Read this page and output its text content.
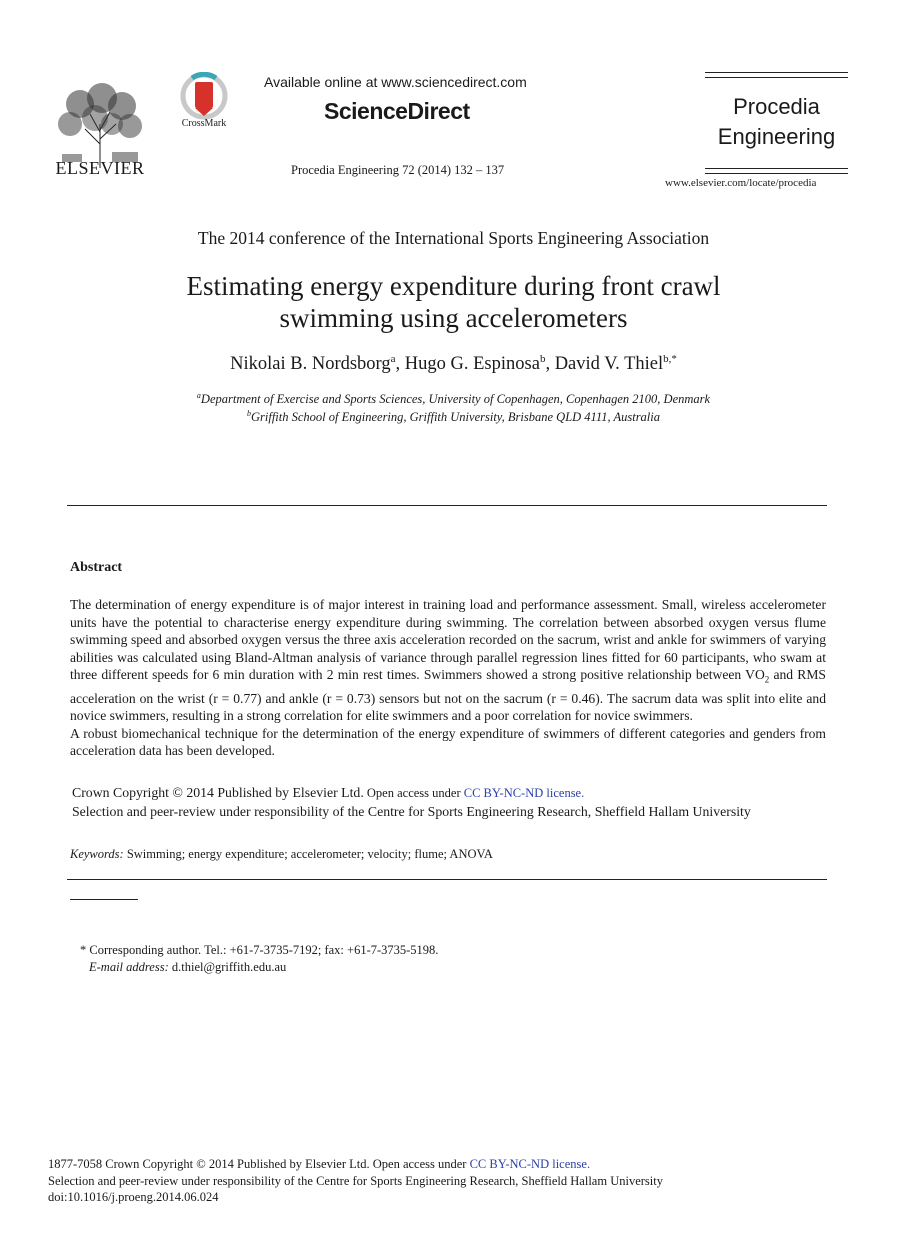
ELSEVIER
CrossMark
Available online at www.sciencedirect.com
ScienceDirect
Procedia Engineering 72 (2014) 132 – 137
Procedia
Engineering
www.elsevier.com/locate/procedia
The 2014 conference of the International Sports Engineering Association
Estimating energy expenditure during front crawl
swimming using accelerometers
Nikolai B. Nordsborg$^a$, Hugo G. Espinosa$^b$, David V. Thiel$^{b,*}$
$^a$Department of Exercise and Sports Sciences, University of Copenhagen, Copenhagen 2100, Denmark
$^b$Griffith School of Engineering, Griffith University, Brisbane QLD 4111, Australia
Abstract

The determination of energy expenditure is of major interest in training load and performance assessment. Small, wireless accelerometer units have the potential to characterise energy expenditure during swimming. The correlation between absorbed oxygen versus flume swimming speed and absorbed oxygen versus the three axis acceleration recorded on the sacrum, wrist and ankle for swimmers of varying abilities was calculated using Bland-Altman analysis of variance through parallel regression lines fitted for 60 participants, who swam at three different speeds for 6 min duration with 2 min rest times. Swimmers showed a strong positive relationship between $VO_2$ and RMS acceleration on the wrist (r = 0.77) and ankle (r = 0.73) sensors but not on the sacrum (r = 0.46). The sacrum data was split into elite and novice swimmers, resulting in a strong correlation for elite swimmers and a poor correlation for novice swimmers.

A robust biomechanical technique for the determination of the energy expenditure of swimmers of different categories and genders from acceleration data has been developed.

Crown Copyright © 2014 Published by Elsevier Ltd. Open access under CC BY-NC-ND license.
Selection and peer-review under responsibility of the Centre for Sports Engineering Research, Sheffield Hallam University
Keywords: Swimming; energy expenditure; accelerometer; velocity; flume; ANOVA
* Corresponding author. Tel.: +61-7-3735-7192; fax: +61-7-3735-5198.
E-mail address: d.thiel@griffith.edu.au
1877-7058 Crown Copyright © 2014 Published by Elsevier Ltd. Open access under CC BY-NC-ND license.
Selection and peer-review under responsibility of the Centre for Sports Engineering Research, Sheffield Hallam University
doi:10.1016/j.proeng.2014.06.024
